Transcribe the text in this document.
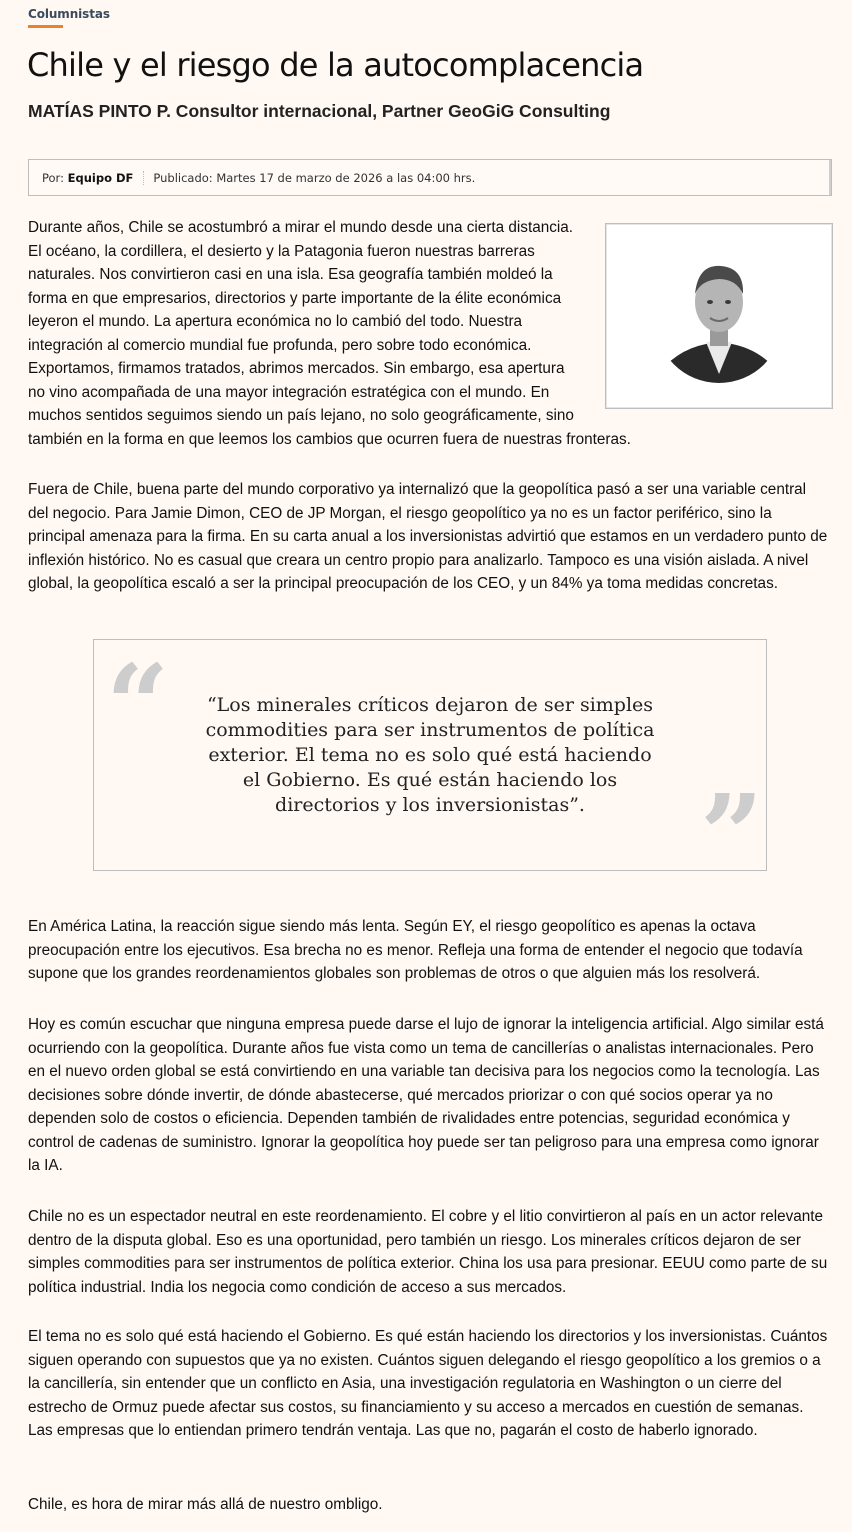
Columnistas
Chile y el riesgo de la autocomplacencia
MATÍAS PINTO P. Consultor internacional, Partner GeoGiG Consulting
Por: Equipo DF	Publicado: Martes 17 de marzo de 2026 a las 04:00 hrs.

Durante años, Chile se acostumbró a mirar el mundo desde una cierta distancia. El océano, la cordillera, el desierto y la Patagonia fueron nuestras barreras naturales. Nos convirtieron casi en una isla. Esa geografía también moldeó la forma en que empresarios, directorios y parte importante de la élite económica leyeron el mundo. La apertura económica no lo cambió del todo. Nuestra integración al comercio mundial fue profunda, pero sobre todo económica. Exportamos, firmamos tratados, abrimos mercados. Sin embargo, esa apertura no vino acompañada de una mayor integración estratégica con el mundo. En muchos sentidos seguimos siendo un país lejano, no solo geográficamente, sino también en la forma en que leemos los cambios que ocurren fuera de nuestras fronteras.

Fuera de Chile, buena parte del mundo corporativo ya internalizó que la geopolítica pasó a ser una variable central del negocio. Para Jamie Dimon, CEO de JP Morgan, el riesgo geopolítico ya no es un factor periférico, sino la principal amenaza para la firma. En su carta anual a los inversionistas advirtió que estamos en un verdadero punto de inflexión histórico. No es casual que creara un centro propio para analizarlo. Tampoco es una visión aislada. A nivel global, la geopolítica escaló a ser la principal preocupación de los CEO, y un 84% ya toma medidas concretas.

“	“Los minerales críticos dejaron de ser simples commodities para ser instrumentos de política exterior. El tema no es solo qué está haciendo el Gobierno. Es qué están haciendo los directorios y los inversionistas”.	”

En América Latina, la reacción sigue siendo más lenta. Según EY, el riesgo geopolítico es apenas la octava preocupación entre los ejecutivos. Esa brecha no es menor. Refleja una forma de entender el negocio que todavía supone que los grandes reordenamientos globales son problemas de otros o que alguien más los resolverá.

Hoy es común escuchar que ninguna empresa puede darse el lujo de ignorar la inteligencia artificial. Algo similar está ocurriendo con la geopolítica. Durante años fue vista como un tema de cancillerías o analistas internacionales. Pero en el nuevo orden global se está convirtiendo en una variable tan decisiva para los negocios como la tecnología. Las decisiones sobre dónde invertir, de dónde abastecerse, qué mercados priorizar o con qué socios operar ya no dependen solo de costos o eficiencia. Dependen también de rivalidades entre potencias, seguridad económica y control de cadenas de suministro. Ignorar la geopolítica hoy puede ser tan peligroso para una empresa como ignorar la IA.

Chile no es un espectador neutral en este reordenamiento. El cobre y el litio convirtieron al país en un actor relevante dentro de la disputa global. Eso es una oportunidad, pero también un riesgo. Los minerales críticos dejaron de ser simples commodities para ser instrumentos de política exterior. China los usa para presionar. EEUU como parte de su política industrial. India los negocia como condición de acceso a sus mercados.

El tema no es solo qué está haciendo el Gobierno. Es qué están haciendo los directorios y los inversionistas. Cuántos siguen operando con supuestos que ya no existen. Cuántos siguen delegando el riesgo geopolítico a los gremios o a la cancillería, sin entender que un conflicto en Asia, una investigación regulatoria en Washington o un cierre del estrecho de Ormuz puede afectar sus costos, su financiamiento y su acceso a mercados en cuestión de semanas. Las empresas que lo entiendan primero tendrán ventaja. Las que no, pagarán el costo de haberlo ignorado.

Chile, es hora de mirar más allá de nuestro ombligo.
